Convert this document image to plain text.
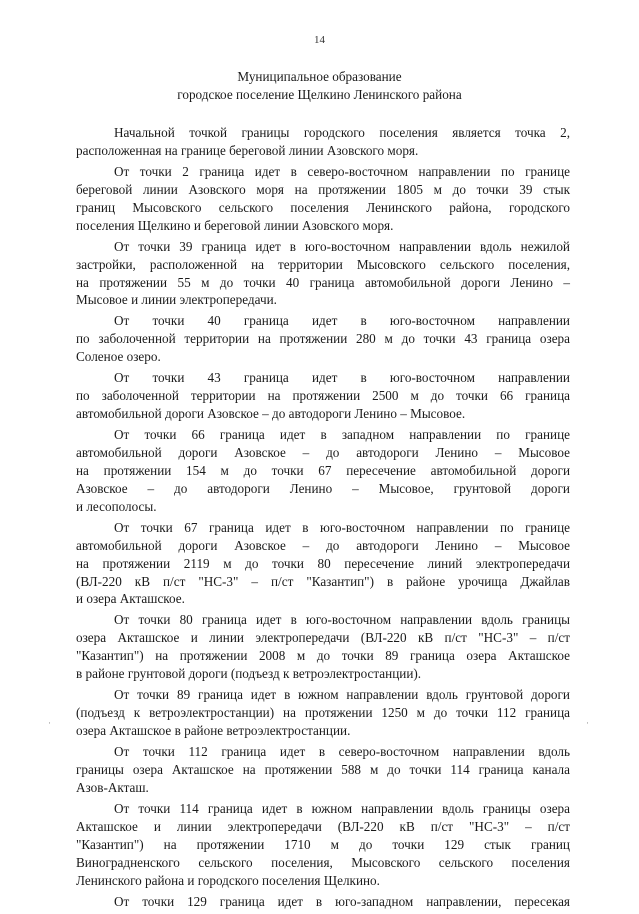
14
Муниципальное образование
городское поселение Щелкино Ленинского района
Начальной точкой границы городского поселения является точка 2,
расположенная на границе береговой линии Азовского моря.
От точки 2 граница идет в северо-восточном направлении по границе
береговой линии Азовского моря на протяжении 1805 м до точки 39 стык
границ Мысовского сельского поселения Ленинского района, городского
поселения Щелкино и береговой линии Азовского моря.
От точки 39 граница идет в юго-восточном направлении вдоль нежилой
застройки, расположенной на территории Мысовского сельского поселения,
на протяжении 55 м до точки 40 граница автомобильной дороги Ленино –
Мысовое и линии электропередачи.
От точки 40 граница идет в юго-восточном направлении
по заболоченной территории на протяжении 280 м до точки 43 граница озера
Соленое озеро.
От точки 43 граница идет в юго-восточном направлении
по заболоченной территории на протяжении 2500 м до точки 66 граница
автомобильной дороги Азовское – до автодороги Ленино – Мысовое.
От точки 66 граница идет в западном направлении по границе
автомобильной дороги Азовское – до автодороги Ленино – Мысовое
на протяжении 154 м до точки 67 пересечение автомобильной дороги
Азовское – до автодороги Ленино – Мысовое, грунтовой дороги
и лесополосы.
От точки 67 граница идет в юго-восточном направлении по границе
автомобильной дороги Азовское – до автодороги Ленино – Мысовое
на протяжении 2119 м до точки 80 пересечение линий электропередачи
(ВЛ-220 кВ п/ст "НС-3" – п/ст "Казантип") в районе урочища Джайлав
и озера Акташское.
От точки 80 граница идет в юго-восточном направлении вдоль границы
озера Акташское и линии электропередачи (ВЛ-220 кВ п/ст "НС-3" – п/ст
"Казантип") на протяжении 2008 м до точки 89 граница озера Акташское
в районе грунтовой дороги (подъезд к ветроэлектростанции).
От точки 89 граница идет в южном направлении вдоль грунтовой дороги
(подъезд к ветроэлектростанции) на протяжении 1250 м до точки 112 граница
озера Акташское в районе ветроэлектростанции.
От точки 112 граница идет в северо-восточном направлении вдоль
границы озера Акташское на протяжении 588 м до точки 114 граница канала
Азов-Акташ.
От точки 114 граница идет в южном направлении вдоль границы озера
Акташское и линии электропередачи (ВЛ-220 кВ п/ст "НС-3" – п/ст
"Казантип") на протяжении 1710 м до точки 129 стык границ
Виноградненского сельского поселения, Мысовского сельского поселения
Ленинского района и городского поселения Щелкино.
От точки 129 граница идет в юго-западном направлении, пересекая
·	·
